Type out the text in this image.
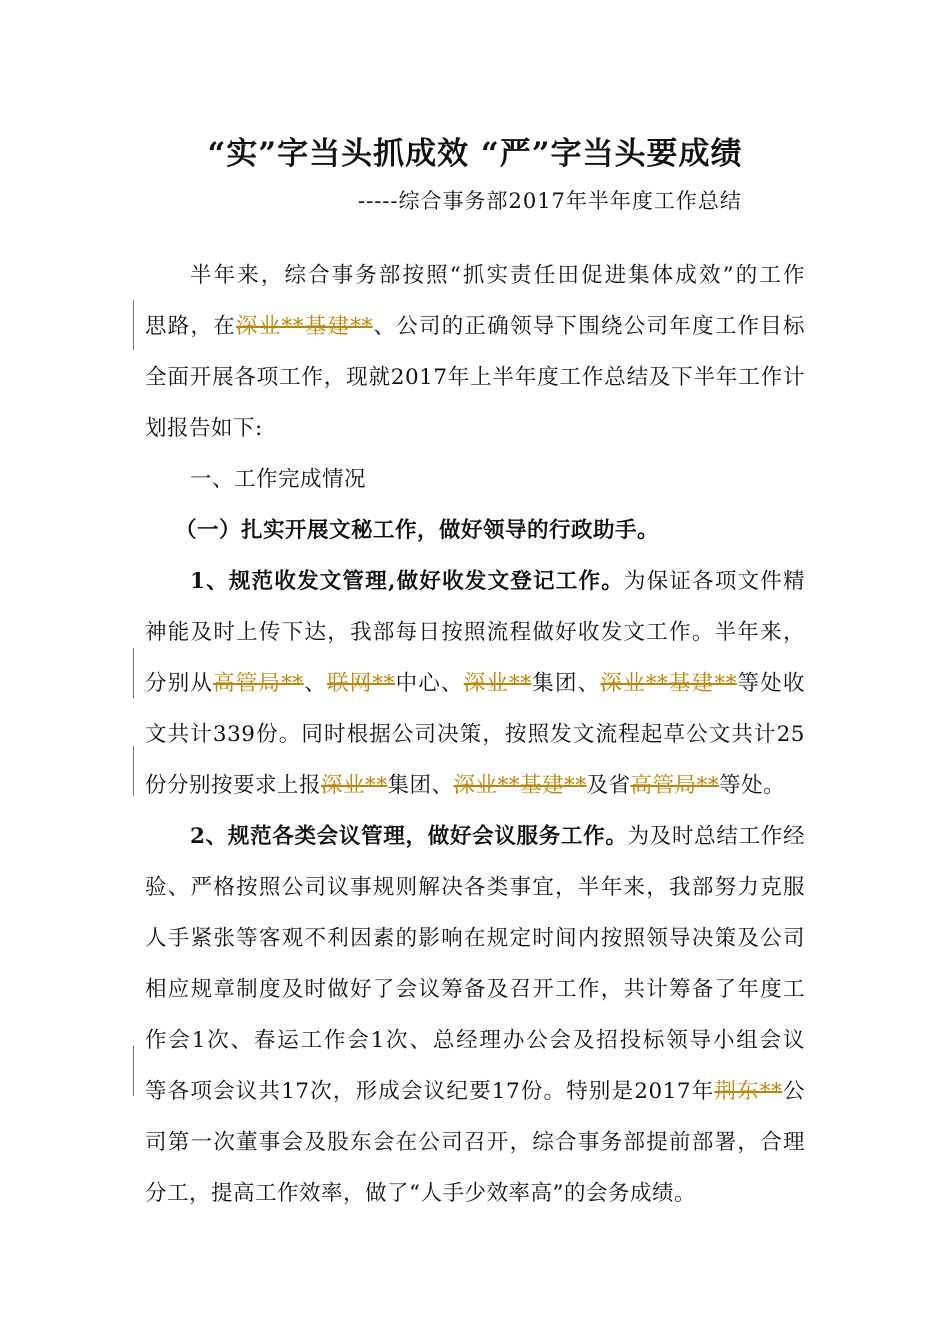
“实”字当头抓成效 “严”字当头要成绩
-----综合事务部2017年半年度工作总结
半年来，综合事务部按照“抓实责任田促进集体成效”的工作
思路，在深业**基建**、公司的正确领导下围绕公司年度工作目标
全面开展各项工作，现就2017年上半年度工作总结及下半年工作计
划报告如下:
一、工作完成情况
（一）扎实开展文秘工作，做好领导的行政助手。
1、规范收发文管理,做好收发文登记工作。为保证各项文件精
神能及时上传下达，我部每日按照流程做好收发文工作。半年来，
分别从高管局**、联网**中心、深业**集团、深业**基建**等处收
文共计339份。同时根据公司决策，按照发文流程起草公文共计25
份分别按要求上报深业**集团、深业**基建**及省高管局**等处。
2、规范各类会议管理，做好会议服务工作。为及时总结工作经
验、严格按照公司议事规则解决各类事宜，半年来，我部努力克服
人手紧张等客观不利因素的影响在规定时间内按照领导决策及公司
相应规章制度及时做好了会议筹备及召开工作，共计筹备了年度工
作会1次、春运工作会1次、总经理办公会及招投标领导小组会议
等各项会议共17次，形成会议纪要17份。特别是2017年荆东**公
司第一次董事会及股东会在公司召开，综合事务部提前部署，合理
分工，提高工作效率，做了“人手少效率高”的会务成绩。
